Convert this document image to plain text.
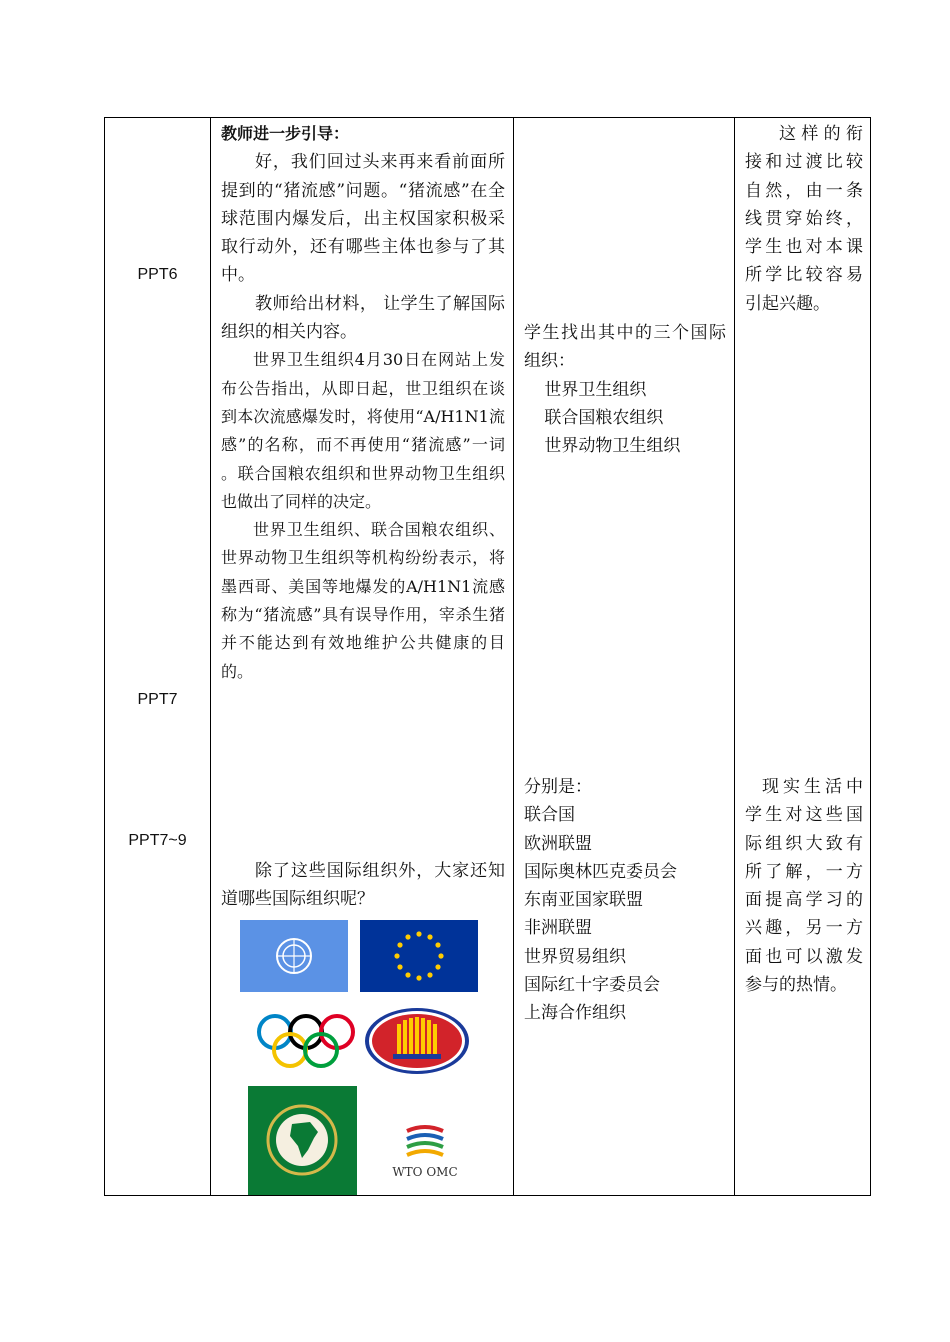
PPT6
PPT7
PPT7~9

教师进一步引导：

好，我们回过头来再来看前面所提到的“猪流感”问题。“猪流感”在全球范围内爆发后，出主权国家积极采取行动外，还有哪些主体也参与了其中。

教师给出材料， 让学生了解国际组织的相关内容。

世界卫生组织4月30日在网站上发布公告指出，从即日起，世卫组织在谈到本次流感爆发时，将使用“A/H1N1流感”的名称，而不再使用“猪流感”一词 。联合国粮农组织和世界动物卫生组织也做出了同样的决定。

世界卫生组织、联合国粮农组织、世界动物卫生组织等机构纷纷表示，将墨西哥、美国等地爆发的A/H1N1流感称为“猪流感”具有误导作用，宰杀生猪并不能达到有效地维护公共健康的目的。

除了这些国际组织外，大家还知道哪些国际组织呢？

WTO OMC

学生找出其中的三个国际组织：

世界卫生组织

联合国粮农组织

世界动物卫生组织

分别是：

联合国

欧洲联盟

国际奥林匹克委员会

东南亚国家联盟

非洲联盟

世界贸易组织

国际红十字委员会

上海合作组织

这样的衔接和过渡比较自然，由一条线贯穿始终，学生也对本课所学比较容易引起兴趣。

现实生活中学生对这些国际组织大致有所了解，一方面提高学习的兴趣，另一方面也可以激发参与的热情。
